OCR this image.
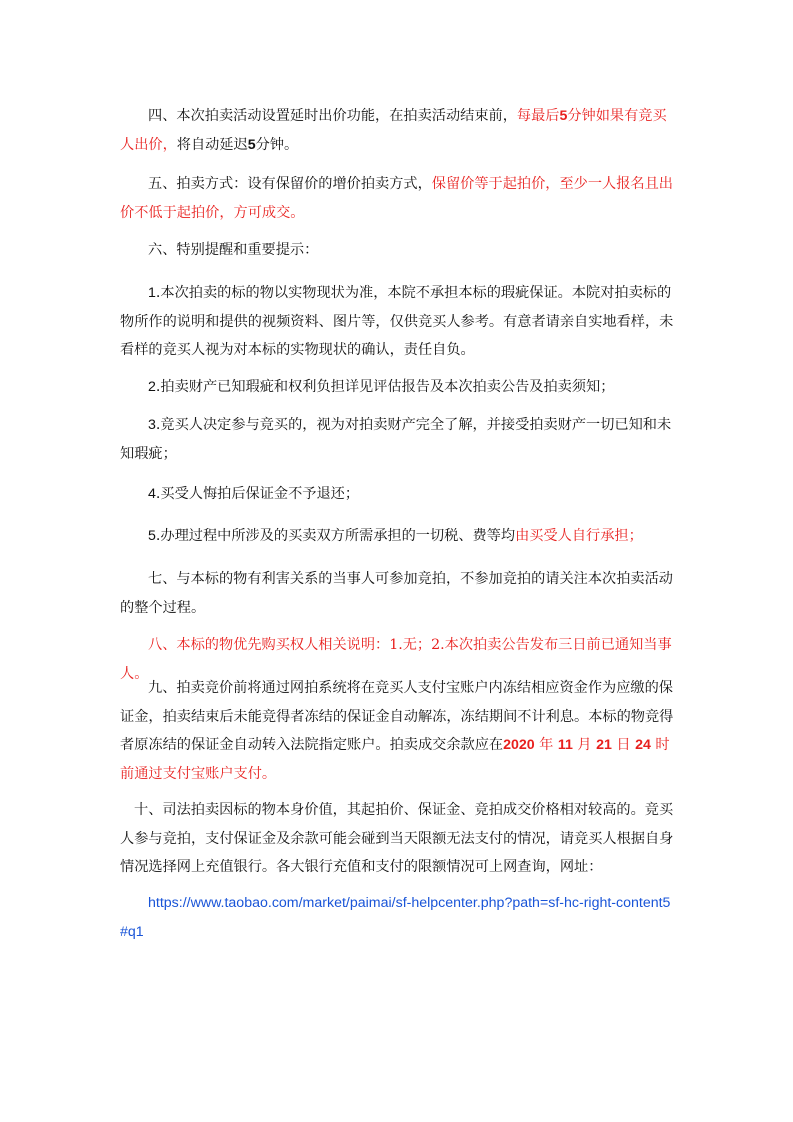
四、本次拍卖活动设置延时出价功能，在拍卖活动结束前，每最后5分钟如果有竞买人出价，将自动延迟5分钟。

五、拍卖方式：设有保留价的增价拍卖方式，保留价等于起拍价，至少一人报名且出价不低于起拍价，方可成交。

六、特别提醒和重要提示：

1.本次拍卖的标的物以实物现状为准，本院不承担本标的瑕疵保证。本院对拍卖标的物所作的说明和提供的视频资料、图片等，仅供竞买人参考。有意者请亲自实地看样，未看样的竞买人视为对本标的实物现状的确认，责任自负。

2.拍卖财产已知瑕疵和权利负担详见评估报告及本次拍卖公告及拍卖须知；

3.竞买人决定参与竞买的，视为对拍卖财产完全了解，并接受拍卖财产一切已知和未知瑕疵；

4.买受人悔拍后保证金不予退还；

5.办理过程中所涉及的买卖双方所需承担的一切税、费等均由买受人自行承担；

七、与本标的物有利害关系的当事人可参加竞拍，不参加竞拍的请关注本次拍卖活动的整个过程。

八、本标的物优先购买权人相关说明：1.无；2.本次拍卖公告发布三日前已通知当事人。

九、拍卖竞价前将通过网拍系统将在竞买人支付宝账户内冻结相应资金作为应缴的保证金，拍卖结束后未能竞得者冻结的保证金自动解冻，冻结期间不计利息。本标的物竞得者原冻结的保证金自动转入法院指定账户。拍卖成交余款应在2020 年 11 月 21 日 24 时前通过支付宝账户支付。

十、司法拍卖因标的物本身价值，其起拍价、保证金、竞拍成交价格相对较高的。竞买人参与竞拍，支付保证金及余款可能会碰到当天限额无法支付的情况，请竞买人根据自身情况选择网上充值银行。各大银行充值和支付的限额情况可上网查询，网址：

https://www.taobao.com/market/paimai/sf-helpcenter.php?path=sf-hc-right-content5#q1
